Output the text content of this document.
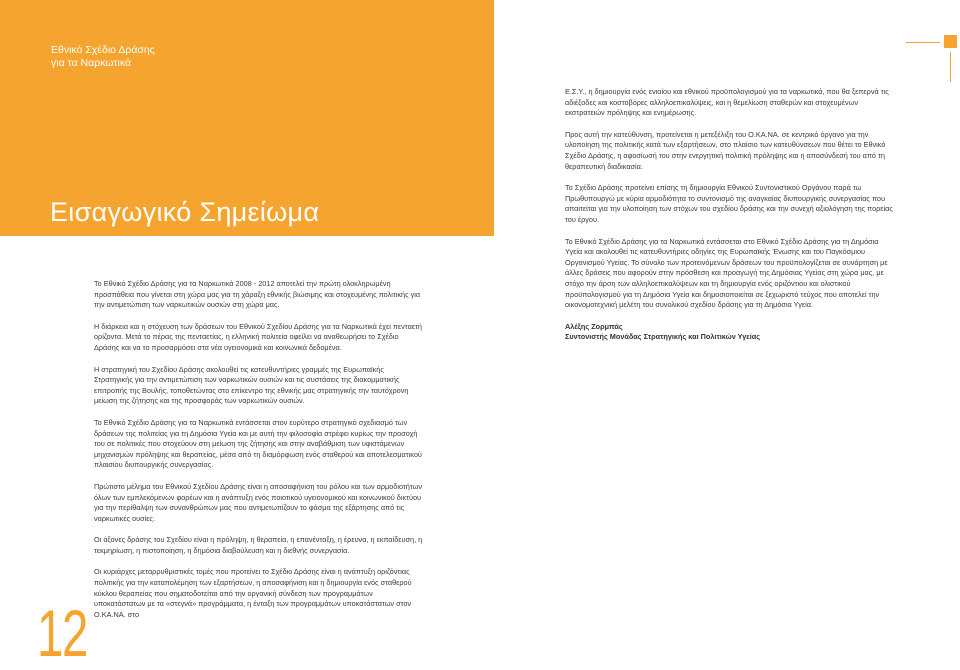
Εθνικό Σχέδιο Δράσης
για τα Ναρκωτικά
Εισαγωγικό Σημείωμα

Το Εθνικό Σχέδιο Δράσης για τα Ναρκωτικά 2008 - 2012 αποτελεί την πρώτη ολοκληρωμένη προσπάθεια που γίνεται στη χώρα μας για τη χάραξη εθνικής βιώσιμης και στοχευμένης πολιτικής για την αντιμετώπιση των ναρκωτικών ουσιών στη χώρα μας.

Η διάρκεια και η στόχευση των δράσεων του Εθνικού Σχεδίου Δράσης για τα Ναρκωτικά έχει πενταετή ορίζοντα. Μετά το πέρας της πενταετίας, η ελληνική πολιτεία οφείλει να αναθεωρήσει το Σχέδιο Δράσης και να το προσαρμόσει στα νέα υγειονομικά και κοινωνικά δεδομένα.

Η στρατηγική του Σχεδίου Δράσης ακολουθεί τις κατευθυντήριες γραμμές της Ευρωπαϊκής Στρατηγικής για την αντιμετώπιση των ναρκωτικών ουσιών και τις συστάσεις της διακομματικής επιτροπής της Βουλής, τοποθετώντας στο επίκεντρο της εθνικής μας στρατηγικής την ταυτόχρονη μείωση της ζήτησης και της προσφοράς των ναρκωτικών ουσιών.

Το Εθνικό Σχέδιο Δράσης για τα Ναρκωτικά εντάσσεται στον ευρύτερο στρατηγικό σχεδιασμό των δράσεων της πολιτείας για τη Δημόσια Υγεία και με αυτή την φιλοσοφία στρέφει κυρίως την προσοχή του σε πολιτικές που στοχεύουν στη μείωση της ζήτησης και στην αναβάθμιση των υφιστάμενων μηχανισμών πρόληψης και θεραπείας, μέσα από τη διαμόρφωση ενός σταθερού και αποτελεσματικού πλαισίου διυπουργικής συνεργασίας.

Πρώτιστο μέλημα του Εθνικού Σχεδίου Δράσης είναι η αποσαφήνιση του ρόλου και των αρμοδιοτήτων όλων των εμπλεκόμενων φορέων και η ανάπτυξη ενός ποιοτικού υγειονομικού και κοινωνικού δικτύου για την περίθαλψη των συνανθρώπων μας που αντιμετωπίζουν το φάσμα της εξάρτησης από τις ναρκωτικές ουσίες.

Οι άξονες δράσης του Σχεδίου είναι η πρόληψη, η θεραπεία, η επανένταξη, η έρευνα, η εκπαίδευση, η τεκμηρίωση, η πιστοποίηση, η δημόσια διαβούλευση και η διεθνής συνεργασία.

Οι κυριάρχες μεταρρυθμιστικές τομές που προτείνει το Σχέδιο Δράσης είναι η ανάπτυξη οριζόντιας πολιτικής για την καταπολέμηση των εξαρτήσεων, η αποσαφήνιση και η δημιουργία ενός σταθερού κύκλου θεραπείας που σηματοδοτείται από την οργανική σύνδεση των προγραμμάτων υποκατάστατων με τα «στεγνά» προγράμματα, η ένταξη των προγραμμάτων υποκατάστατων στον Ο.ΚΑ.ΝΑ. στο

Ε.Σ.Υ., η δημιουργία ενός ενιαίου και εθνικού προϋπολογισμού για τα ναρκωτικά, που θα ξεπερνά τις αδιέξοδες και κοστοβόρες αλληλοεπικαλύψεις, και η θεμελίωση σταθερών και στοχευμένων εκστρατειών πρόληψης και ενημέρωσης.

Προς αυτή την κατεύθυνση, προτείνεται η μετεξέλιξη του Ο.ΚΑ.ΝΑ. σε κεντρικό όργανο για την υλοποίηση της πολιτικής κατά των εξαρτήσεων, στο πλαίσιο των κατευθύνσεων που θέτει το Εθνικό Σχέδιο Δράσης, η αφοσίωσή του στην ενεργητική πολιτική πρόληψης και η αποσύνδεσή του από τη θεραπευτική διαδικασία.

Το Σχέδιο Δράσης προτείνει επίσης τη δημιουργία Εθνικού Συντονιστικού Οργάνου παρά τω Πρωθυπουργώ με κύρια αρμοδιότητα το συντονισμό της αναγκαίας διυπουργικής συνεργασίας που απαιτείται για την υλοποίηση των στόχων του σχεδίου δράσης και την συνεχή αξιολόγηση της πορείας του έργου.

Το Εθνικό Σχέδιο Δράσης για τα Ναρκωτικά εντάσσεται στο Εθνικό Σχέδιο Δράσης για τη Δημόσια Υγεία και ακολουθεί τις κατευθυντήριες οδηγίες της Ευρωπαϊκής Ένωσης και του Παγκόσμιου Οργανισμού Υγείας. Το σύνολο των προτεινόμενων δράσεων του προϋπολογίζεται σε συνάρτηση με άλλες δράσεις που αφορούν στην πρόσθεση και προαγωγή της Δημόσιας Υγείας στη χώρα μας, με στόχο την άρση των αλληλοεπικαλύψεων και τη δημιουργία ενός οριζόντιου και ολιστικού προϋπολογισμού για τη Δημόσια Υγεία και δημοσιοποιείται σε ξεχωριστό τεύχος που αποτελεί την οικονομοτεχνική μελέτη του συνολικού σχεδίου δράσης για τη Δημόσια Υγεία.

Αλέξης Ζορμπάς
Συντονιστής Μονάδας Στρατηγικής και Πολιτικών Υγείας
12
